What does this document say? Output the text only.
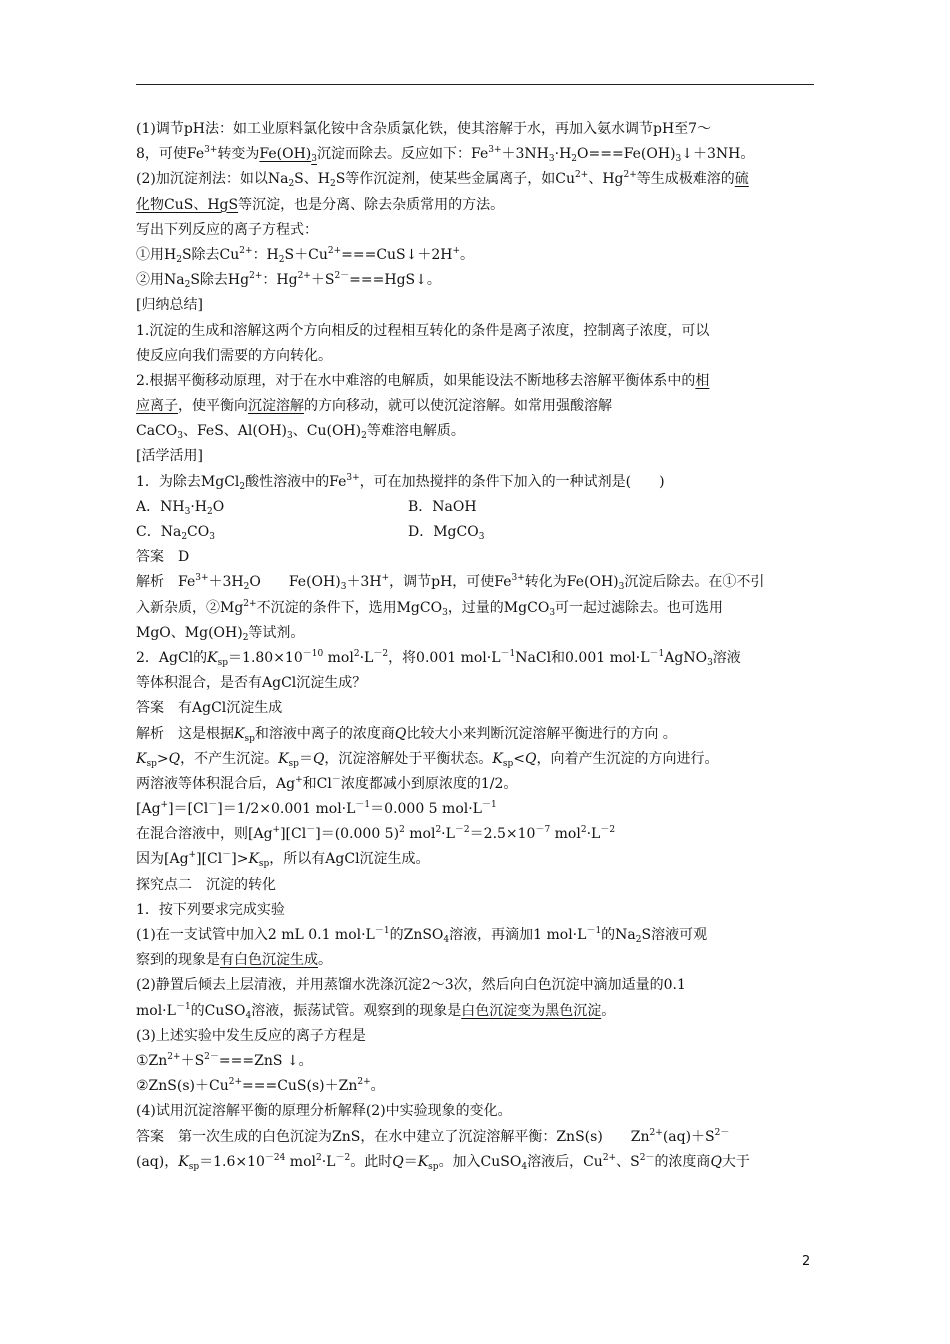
(1)调节pH法：如工业原料氯化铵中含杂质氯化铁，使其溶解于水，再加入氨水调节pH至7～
8，可使$Fe^{3+}$转变为$Fe(OH)_3$沉淀而除去。反应如下：$Fe^{3+}+3NH_3\cdot H_2O===Fe(OH)_3↓+3NH$。
(2)加沉淀剂法：如以$Na_2S$、$H_2S$等作沉淀剂，使某些金属离子，如$Cu^{2+}$、$Hg^{2+}$等生成极难溶的硫
化物CuS、HgS等沉淀，也是分离、除去杂质常用的方法。
写出下列反应的离子方程式：
①用$H_2S$除去$Cu^{2+}$：$H_2S+Cu^{2+}===CuS↓+2H^+$。
②用$Na_2S$除去$Hg^{2+}$：$Hg^{2+}+S^{2-}===HgS↓$。
[归纳总结]
1.沉淀的生成和溶解这两个方向相反的过程相互转化的条件是离子浓度，控制离子浓度，可以
使反应向我们需要的方向转化。
2.根据平衡移动原理，对于在水中难溶的电解质，如果能设法不断地移去溶解平衡体系中的相
应离子，使平衡向沉淀溶解的方向移动，就可以使沉淀溶解。如常用强酸溶解
CaCO$_3$、FeS、$Al(OH)_3$、$Cu(OH)_2$等难溶电解质。
[活学活用]
1．为除去MgCl$_2$酸性溶液中的$Fe^{3+}$，可在加热搅拌的条件下加入的一种试剂是(　　)
A．$NH_3\cdot H_2O$	B．NaOH
C．$Na_2CO_3$	D．MgCO$_3$
答案　D
解析　$Fe^{3+}+3H_2O$　　$Fe(OH)_3+3H^+$，调节pH，可使$Fe^{3+}$转化为$Fe(OH)_3$沉淀后除去。在①不引
入新杂质，$②Mg^{2+}$不沉淀的条件下，选用MgCO$_3$，过量的MgCO$_3$可一起过滤除去。也可选用
MgO、$Mg(OH)_2$等试剂。
2．AgCl的$K_{sp}=1.80\times 10^{-10}$ $mol^2\cdot L^{-2}$，将0.001 $mol\cdot L^{-1}NaCl$和0.001 $mol\cdot L^{-1}AgNO_3$溶液
等体积混合，是否有AgCl沉淀生成？
答案　有AgCl沉淀生成
解析　这是根据$K_{sp}$和溶液中离子的浓度商Q比较大小来判断沉淀溶解平衡进行的方向 。
$K_{sp}>Q$，不产生沉淀。$K_{sp}=Q$，沉淀溶解处于平衡状态。$K_{sp}<Q$，向着产生沉淀的方向进行。
两溶液等体积混合后，Ag+和Cl－浓度都减小到原浓度的1/2。
[Ag+]＝[Cl－]＝1/2×0.001 $mol\cdot L^{-1}=0.000$ 5 $mol\cdot L^{-1}$
在混合溶液中，则[Ag+][Cl－]＝(0.000 5)$^2$ $mol^2\cdot L^{-2}=2.5\times 10^{-7}$ $mol^2\cdot L^{-2}$
因为$[Ag^+][Cl^-]>K_{sp}$，所以有AgCl沉淀生成。
探究点二　沉淀的转化
1．按下列要求完成实验
(1)在一支试管中加入2 mL 0.1 $mol\cdot L^{-1}$的ZnSO$_4$溶液，再滴加1 $mol\cdot L^{-1}$的$Na_2S$溶液可观
察到的现象是有白色沉淀生成。
(2)静置后倾去上层清液，并用蒸馏水洗涤沉淀2～3次，然后向白色沉淀中滴加适量的0.1
$mol\cdot L^{-1}$的CuSO$_4$溶液，振荡试管。观察到的现象是白色沉淀变为黑色沉淀。
(3)上述实验中发生反应的离子方程是
$①Zn^{2+}+S^{2-}===ZnS$ ↓。
$②ZnS(s)+Cu^{2+}===CuS(s)+Zn^{2+}$。
(4)试用沉淀溶解平衡的原理分析解释(2)中实验现象的变化。
答案　第一次生成的白色沉淀为ZnS，在水中建立了沉淀溶解平衡：ZnS(s)　　$Zn^{2+}(aq)+S^{2-}$
(aq)，$K_{sp}=1.6\times 10^{-24}$ $mol^2\cdot L^{-2}$。此时$Q=K_{sp}$。加入CuSO$_4$溶液后，$Cu^{2+}$、$S^{2-}$的浓度商Q大于
2
